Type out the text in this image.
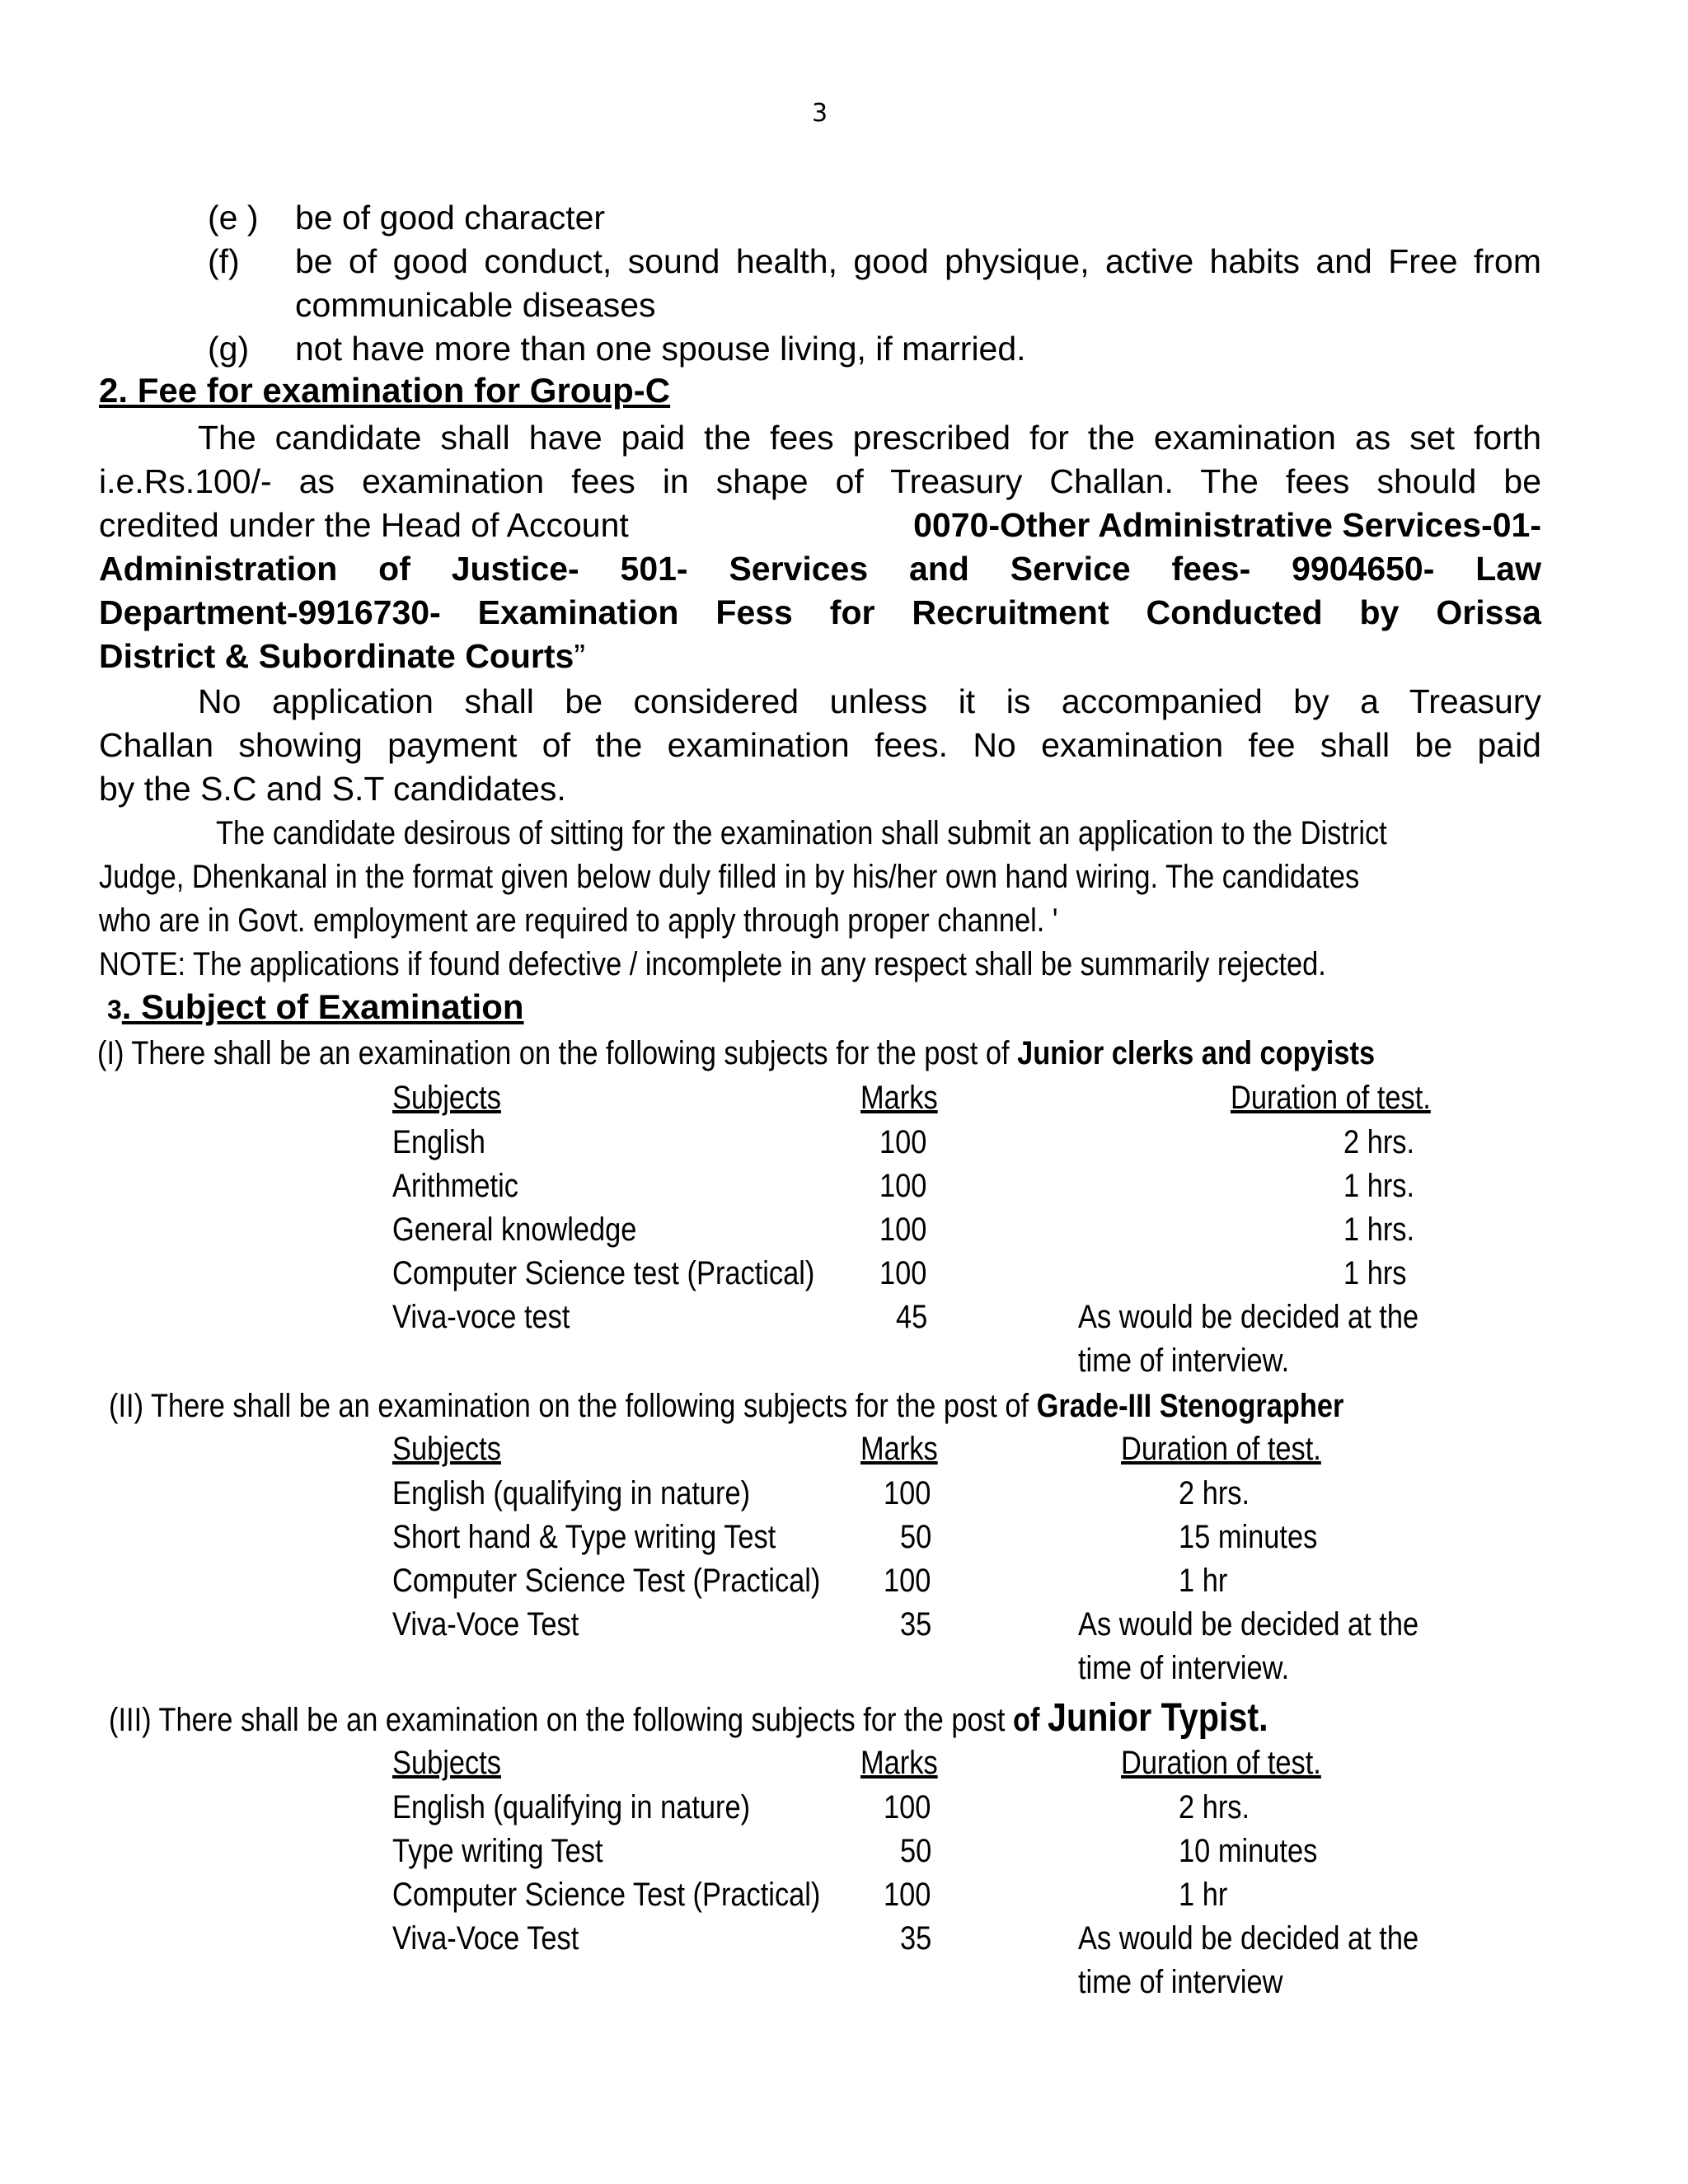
3
(e ) be of good character
(f) be of good conduct, sound health, good physique, active habits and Free from
communicable diseases
(g) not have more than one spouse living, if married.
2. Fee for examination for Group-C
The candidate shall have paid the fees prescribed for the examination as set forth
i.e.Rs.100/- as examination fees in shape of Treasury Challan. The fees should be
credited under the Head of Account	0070-Other Administrative Services-01-
Administration of Justice- 501- Services and Service fees- 9904650- Law
Department-9916730- Examination Fess for Recruitment Conducted by Orissa
District & Subordinate Courts”
No application shall be considered unless it is accompanied by a Treasury
Challan showing payment of the examination fees. No examination fee shall be paid
by the S.C and S.T candidates.
The candidate desirous of sitting for the examination shall submit an application to the District
Judge, Dhenkanal in the format given below duly filled in by his/her own hand wiring. The candidates
who are in Govt. employment are required to apply through proper channel. '
NOTE: The applications if found defective / incomplete in any respect shall be summarily rejected.
3. Subject of Examination
(I) There shall be an examination on the following subjects for the post of Junior clerks and copyists
Subjects	Marks	Duration of test.
English	100	2 hrs.
Arithmetic	100	1 hrs.
General knowledge	100	1 hrs.
Computer Science test (Practical) 100	1 hrs
Viva-voce test	45	As would be decided at the
time of interview.
(II) There shall be an examination on the following subjects for the post of Grade-III Stenographer
Subjects	Marks	Duration of test.
English (qualifying in nature)	100	2 hrs.
Short hand & Type writing Test	50	15 minutes
Computer Science Test (Practical) 100	1 hr
Viva-Voce Test	35	As would be decided at the
time of interview.
(III) There shall be an examination on the following subjects for the post of Junior Typist.
Subjects	Marks	Duration of test.
English (qualifying in nature)	100	2 hrs.
Type writing Test	50	10 minutes
Computer Science Test (Practical) 100	1 hr
Viva-Voce Test	35	As would be decided at the
time of interview
